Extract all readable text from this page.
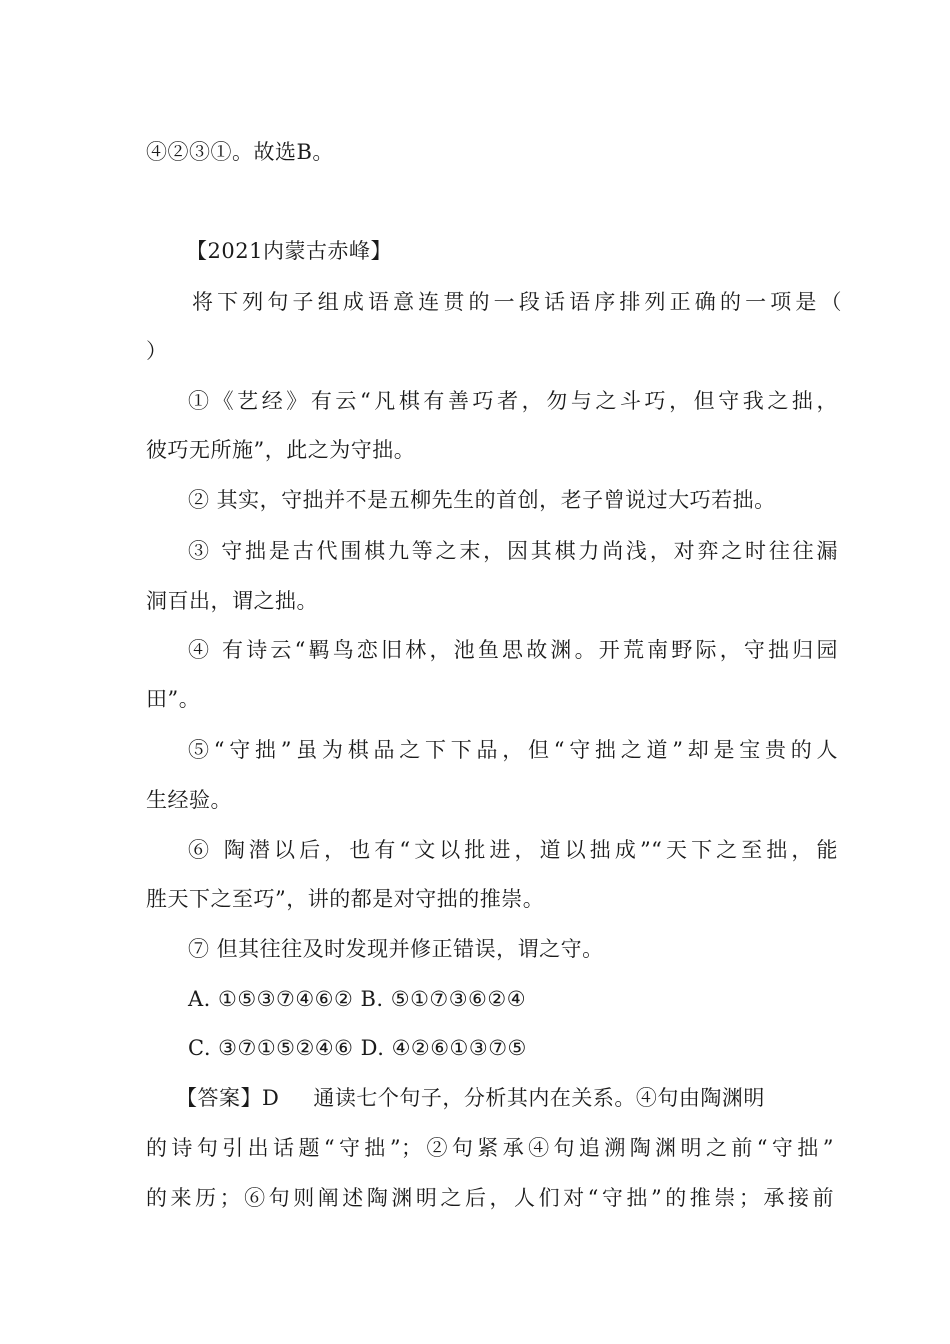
④②③①。故选B。
【2021内蒙古赤峰】
将下列句子组成语意连贯的一段话语序排列正确的一项是（
）
①《艺经》有云“凡棋有善巧者，勿与之斗巧，但守我之拙，
彼巧无所施”，此之为守拙。
② 其实，守拙并不是五柳先生的首创，老子曾说过大巧若拙。
③ 守拙是古代围棋九等之末，因其棋力尚浅，对弈之时往往漏
洞百出，谓之拙。
④ 有诗云“羁鸟恋旧林，池鱼思故渊。开荒南野际，守拙归园
田”。
⑤“守拙”虽为棋品之下下品，但“守拙之道”却是宝贵的人
生经验。
⑥ 陶潜以后，也有“文以批进，道以拙成”“天下之至拙，能
胜天下之至巧”，讲的都是对守拙的推崇。
⑦ 但其往往及时发现并修正错误，谓之守。
A. ①⑤③⑦④⑥② B. ⑤①⑦③⑥②④
C. ③⑦①⑤②④⑥ D. ④②⑥①③⑦⑤
【答案】D 通读七个句子，分析其内在关系。④句由陶渊明
的诗句引出话题“守拙”；②句紧承④句追溯陶渊明之前“守拙”
的来历；⑥句则阐述陶渊明之后，人们对“守拙”的推崇；承接前
